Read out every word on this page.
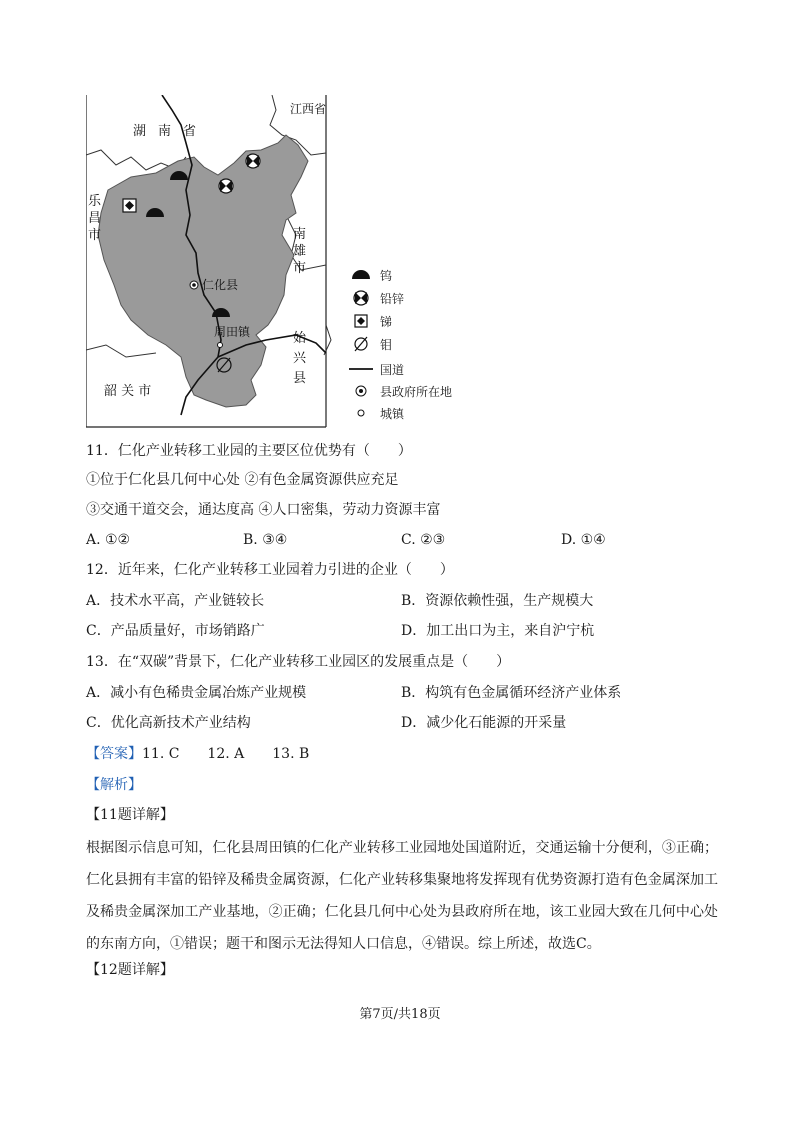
湖 南 省
江西省
乐
昌
市	南
雄
市
始
兴
县
韶 关 市
仁化县
周田镇
钨
铅锌
锑
钼
国道
县政府所在地
城镇
11．仁化产业转移工业园的主要区位优势有（　　）
①位于仁化县几何中心处 ②有色金属资源供应充足
③交通干道交会，通达度高 ④人口密集，劳动力资源丰富
A. ①②	B. ③④	C. ②③	D. ①④
12．近年来，仁化产业转移工业园着力引进的企业（　　）
A．技术水平高，产业链较长	B．资源依赖性强，生产规模大
C．产品质量好，市场销路广	D．加工出口为主，来自沪宁杭
13．在“双碳”背景下，仁化产业转移工业园区的发展重点是（　　）
A．减小有色稀贵金属冶炼产业规模	B．构筑有色金属循环经济产业体系
C．优化高新技术产业结构	D．减少化石能源的开采量
【答案】11. C　　12. A　　13. B
【解析】
【11题详解】
根据图示信息可知，仁化县周田镇的仁化产业转移工业园地处国道附近，交通运输十分便利，③正确；仁化县拥有丰富的铅锌及稀贵金属资源，仁化产业转移集聚地将发挥现有优势资源打造有色金属深加工及稀贵金属深加工产业基地，②正确；仁化县几何中心处为县政府所在地，该工业园大致在几何中心处的东南方向，①错误；题干和图示无法得知人口信息，④错误。综上所述，故选C。
【12题详解】
第7页/共18页
